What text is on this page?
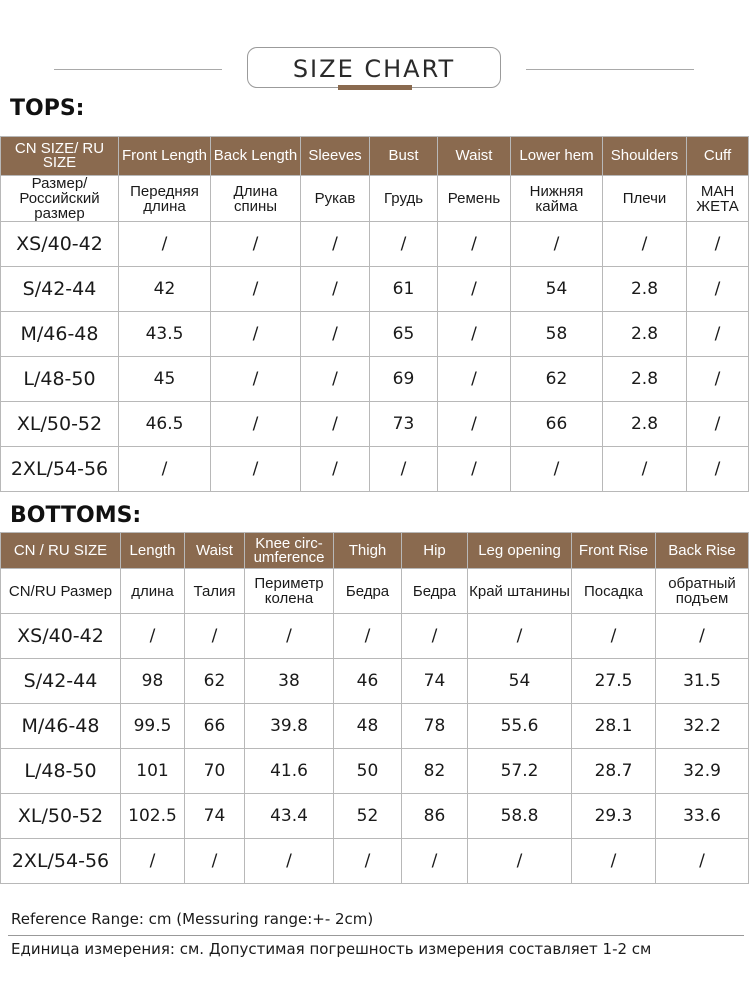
SIZE CHART
TOPS:
CN SIZE/ RU SIZE	Front Length	Back Length	Sleeves	Bust	Waist	Lower hem	Shoulders	Cuff
Размер/ Российский размер	Передняя длина	Длина спины	Рукав	Грудь	Ремень	Нижняя кайма	Плечи	МАН ЖЕТА
XS/40-42	/	/	/	/	/	/	/	/
S/42-44	42	/	/	61	/	54	2.8	/
M/46-48	43.5	/	/	65	/	58	2.8	/
L/48-50	45	/	/	69	/	62	2.8	/
XL/50-52	46.5	/	/	73	/	66	2.8	/
2XL/54-56	/	/	/	/	/	/	/	/
BOTTOMS:
CN / RU SIZE	Length	Waist	Knee circ- umference	Thigh	Hip	Leg opening	Front Rise	Back Rise
CN/RU Размер	длина	Талия	Периметр колена	Бедра	Бедра	Край штанины	Посадка	обратный подъем
XS/40-42	/	/	/	/	/	/	/	/
S/42-44	98	62	38	46	74	54	27.5	31.5
M/46-48	99.5	66	39.8	48	78	55.6	28.1	32.2
L/48-50	101	70	41.6	50	82	57.2	28.7	32.9
XL/50-52	102.5	74	43.4	52	86	58.8	29.3	33.6
2XL/54-56	/	/	/	/	/	/	/	/
Reference Range: cm (Messuring range:+- 2cm)
Единица измерения: см. Допустимая погрешность измерения составляет 1-2 см
